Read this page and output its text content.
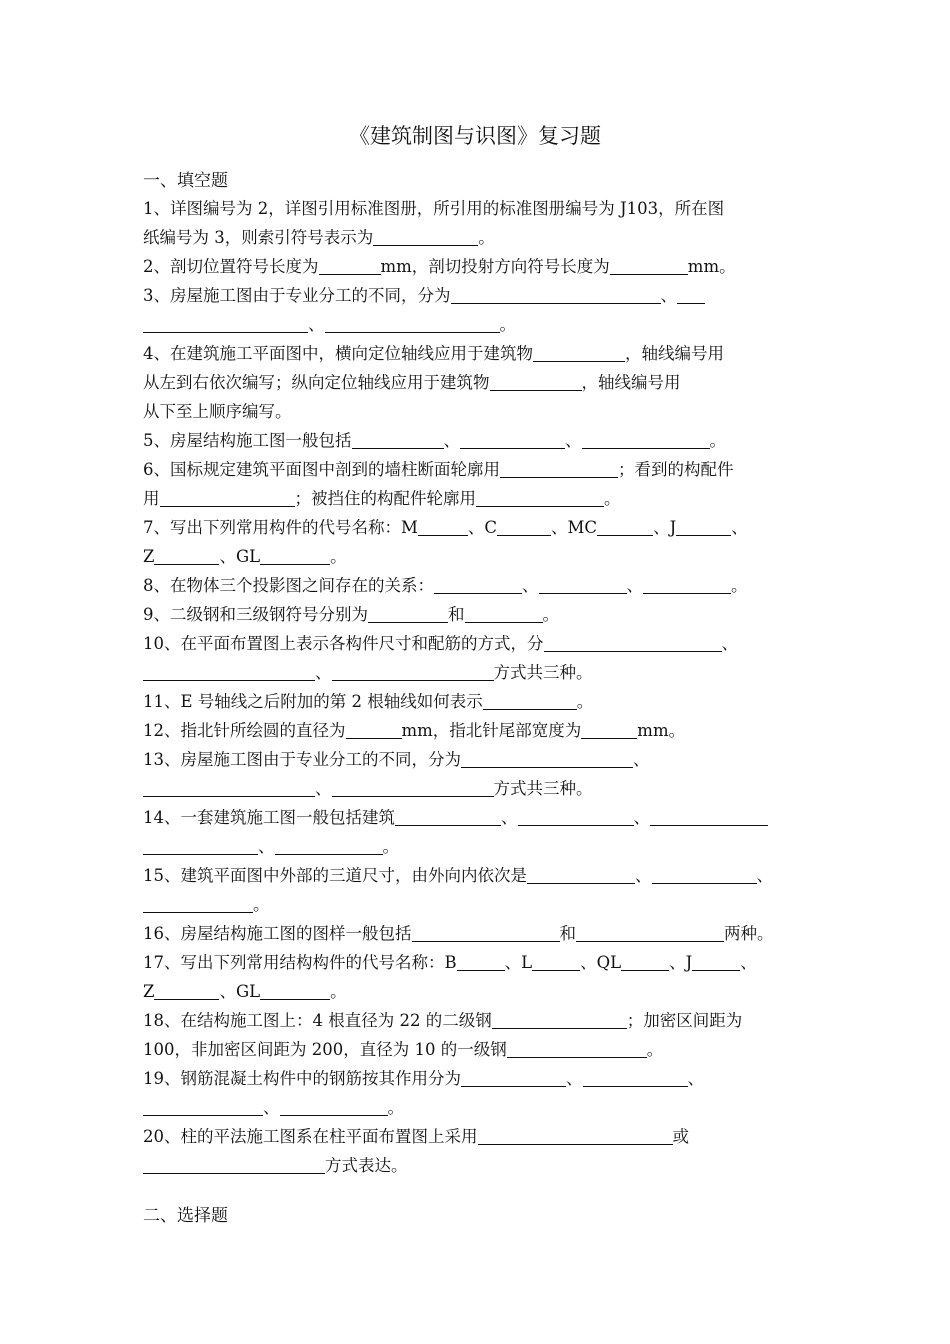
《建筑制图与识图》复习题
一、填空题
二、选择题
1、详图编号为 2，详图引用标准图册，所引用的标准图册编号为 J103，所在图
纸编号为 3，则索引符号表示为	。
2、剖切位置符号长度为	mm，剖切投射方向符号长度为	mm。
3、房屋施工图由于专业分工的不同，分为	、
、	。
4、在建筑施工平面图中，横向定位轴线应用于建筑物	，轴线编号用
从左到右依次编写；纵向定位轴线应用于建筑物	，轴线编号用
从下至上顺序编写。
5、房屋结构施工图一般包括	、	、	。
6、国标规定建筑平面图中剖到的墙柱断面轮廓用	；看到的构配件
用	；被挡住的构配件轮廓用	。
7、写出下列常用构件的代号名称：M	、C	、MC	、J	、
Z	、GL	。
8、在物体三个投影图之间存在的关系：	、	、	。
9、二级钢和三级钢符号分别为	和	。
10、在平面布置图上表示各构件尺寸和配筋的方式，分	、
、	方式共三种。
11、E 号轴线之后附加的第 2 根轴线如何表示	。
12、指北针所绘圆的直径为	mm，指北针尾部宽度为	mm。
13、房屋施工图由于专业分工的不同，分为	、
、	方式共三种。
14、一套建筑施工图一般包括建筑	、	、
、	。
15、建筑平面图中外部的三道尺寸，由外向内依次是	、	、
。
16、房屋结构施工图的图样一般包括	和	两种。
17、写出下列常用结构构件的代号名称：B	、L	、QL	、J	、
Z	、GL	。
18、在结构施工图上：4 根直径为 22 的二级钢	；加密区间距为
100，非加密区间距为 200，直径为 10 的一级钢	。
19、钢筋混凝土构件中的钢筋按其作用分为	、	、
、	。
20、柱的平法施工图系在柱平面布置图上采用	或
方式表达。
